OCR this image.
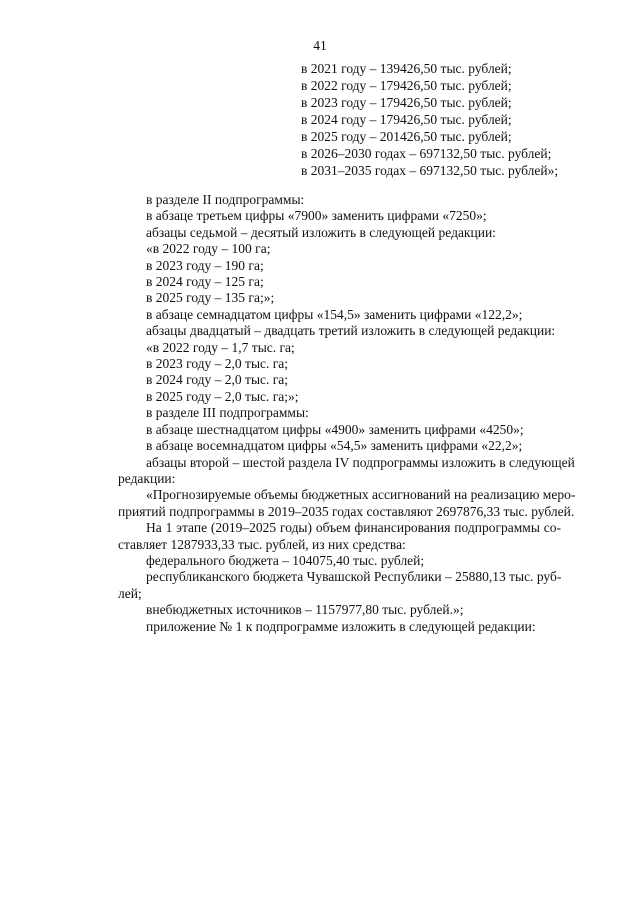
41
в 2021 году – 139426,50 тыс. рублей;
в 2022 году – 179426,50 тыс. рублей;
в 2023 году – 179426,50 тыс. рублей;
в 2024 году – 179426,50 тыс. рублей;
в 2025 году – 201426,50 тыс. рублей;
в 2026–2030 годах – 697132,50 тыс. рублей;
в 2031–2035 годах – 697132,50 тыс. рублей»;
в разделе II подпрограммы:
в абзаце третьем цифры «7900» заменить цифрами «7250»;
абзацы седьмой – десятый изложить в следующей редакции:
«в 2022 году – 100 га;
в 2023 году – 190 га;
в 2024 году – 125 га;
в 2025 году – 135 га;»;
в абзаце семнадцатом цифры «154,5» заменить цифрами «122,2»;
абзацы двадцатый – двадцать третий изложить в следующей редакции:
«в 2022 году – 1,7 тыс. га;
в 2023 году – 2,0 тыс. га;
в 2024 году – 2,0 тыс. га;
в 2025 году – 2,0 тыс. га;»;
в разделе III подпрограммы:
в абзаце шестнадцатом цифры «4900» заменить цифрами «4250»;
в абзаце восемнадцатом цифры «54,5» заменить цифрами «22,2»;
абзацы второй – шестой раздела IV подпрограммы изложить в следующей
редакции:
«Прогнозируемые объемы бюджетных ассигнований на реализацию меро-
приятий подпрограммы в 2019–2035 годах составляют 2697876,33 тыс. рублей.
На 1 этапе (2019–2025 годы) объем финансирования подпрограммы со-
ставляет 1287933,33 тыс. рублей, из них средства:
федерального бюджета – 104075,40 тыс. рублей;
республиканского бюджета Чувашской Республики – 25880,13 тыс. руб-
лей;
внебюджетных источников – 1157977,80 тыс. рублей.»;
приложение № 1 к подпрограмме изложить в следующей редакции:
